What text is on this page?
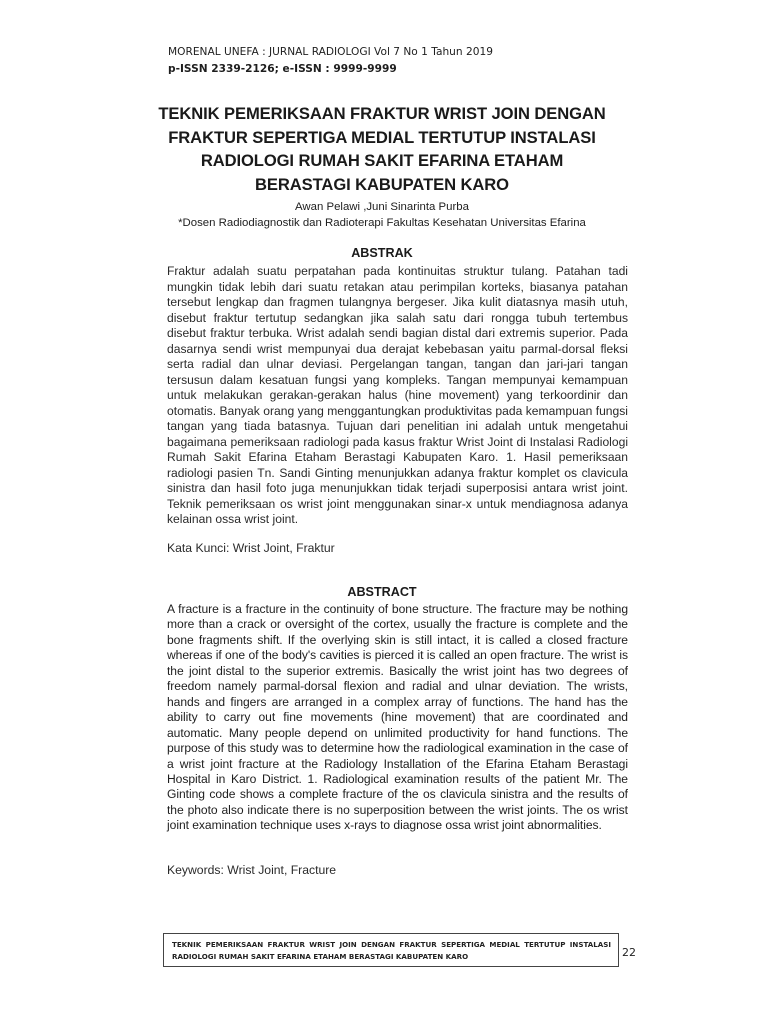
MORENAL UNEFA : JURNAL RADIOLOGI Vol 7 No 1 Tahun 2019
p-ISSN 2339-2126; e-ISSN : 9999-9999
TEKNIK PEMERIKSAAN FRAKTUR WRIST JOIN DENGAN
FRAKTUR SEPERTIGA MEDIAL TERTUTUP INSTALASI
RADIOLOGI RUMAH SAKIT EFARINA ETAHAM
BERASTAGI KABUPATEN KARO
Awan Pelawi ,Juni Sinarinta Purba
*Dosen Radiodiagnostik dan Radioterapi Fakultas Kesehatan Universitas Efarina
ABSTRAK

Fraktur adalah suatu perpatahan pada kontinuitas struktur tulang. Patahan tadi mungkin tidak lebih dari suatu retakan atau perimpilan korteks, biasanya patahan tersebut lengkap dan fragmen tulangnya bergeser. Jika kulit diatasnya masih utuh, disebut fraktur tertutup sedangkan jika salah satu dari rongga tubuh tertembus disebut fraktur terbuka. Wrist adalah sendi bagian distal dari extremis superior. Pada dasarnya sendi wrist mempunyai dua derajat kebebasan yaitu parmal-dorsal fleksi serta radial dan ulnar deviasi. Pergelangan tangan, tangan dan jari-jari tangan tersusun dalam kesatuan fungsi yang kompleks. Tangan mempunyai kemampuan untuk melakukan gerakan-gerakan halus (hine movement) yang terkoordinir dan otomatis. Banyak orang yang menggantungkan produktivitas pada kemampuan fungsi tangan yang tiada batasnya. Tujuan dari penelitian ini adalah untuk mengetahui bagaimana pemeriksaan radiologi pada kasus fraktur Wrist Joint di Instalasi Radiologi Rumah Sakit Efarina Etaham Berastagi Kabupaten Karo. 1. Hasil pemeriksaan radiologi pasien Tn. Sandi Ginting menunjukkan adanya fraktur komplet os clavicula sinistra dan hasil foto juga menunjukkan tidak terjadi superposisi antara wrist joint. Teknik pemeriksaan os wrist joint menggunakan sinar-x untuk mendiagnosa adanya kelainan ossa wrist joint.

Kata Kunci: Wrist Joint, Fraktur

ABSTRACT

A fracture is a fracture in the continuity of bone structure. The fracture may be nothing more than a crack or oversight of the cortex, usually the fracture is complete and the bone fragments shift. If the overlying skin is still intact, it is called a closed fracture whereas if one of the body's cavities is pierced it is called an open fracture. The wrist is the joint distal to the superior extremis. Basically the wrist joint has two degrees of freedom namely parmal-dorsal flexion and radial and ulnar deviation. The wrists, hands and fingers are arranged in a complex array of functions. The hand has the ability to carry out fine movements (hine movement) that are coordinated and automatic. Many people depend on unlimited productivity for hand functions. The purpose of this study was to determine how the radiological examination in the case of a wrist joint fracture at the Radiology Installation of the Efarina Etaham Berastagi Hospital in Karo District. 1. Radiological examination results of the patient Mr. The Ginting code shows a complete fracture of the os clavicula sinistra and the results of the photo also indicate there is no superposition between the wrist joints. The os wrist joint examination technique uses x-rays to diagnose ossa wrist joint abnormalities.

Keywords: Wrist Joint, Fracture

TEKNIK PEMERIKSAAN FRAKTUR WRIST JOIN DENGAN FRAKTUR SEPERTIGA MEDIAL TERTUTUP INSTALASI
RADIOLOGI RUMAH SAKIT EFARINA ETAHAM BERASTAGI KABUPATEN KARO	22
